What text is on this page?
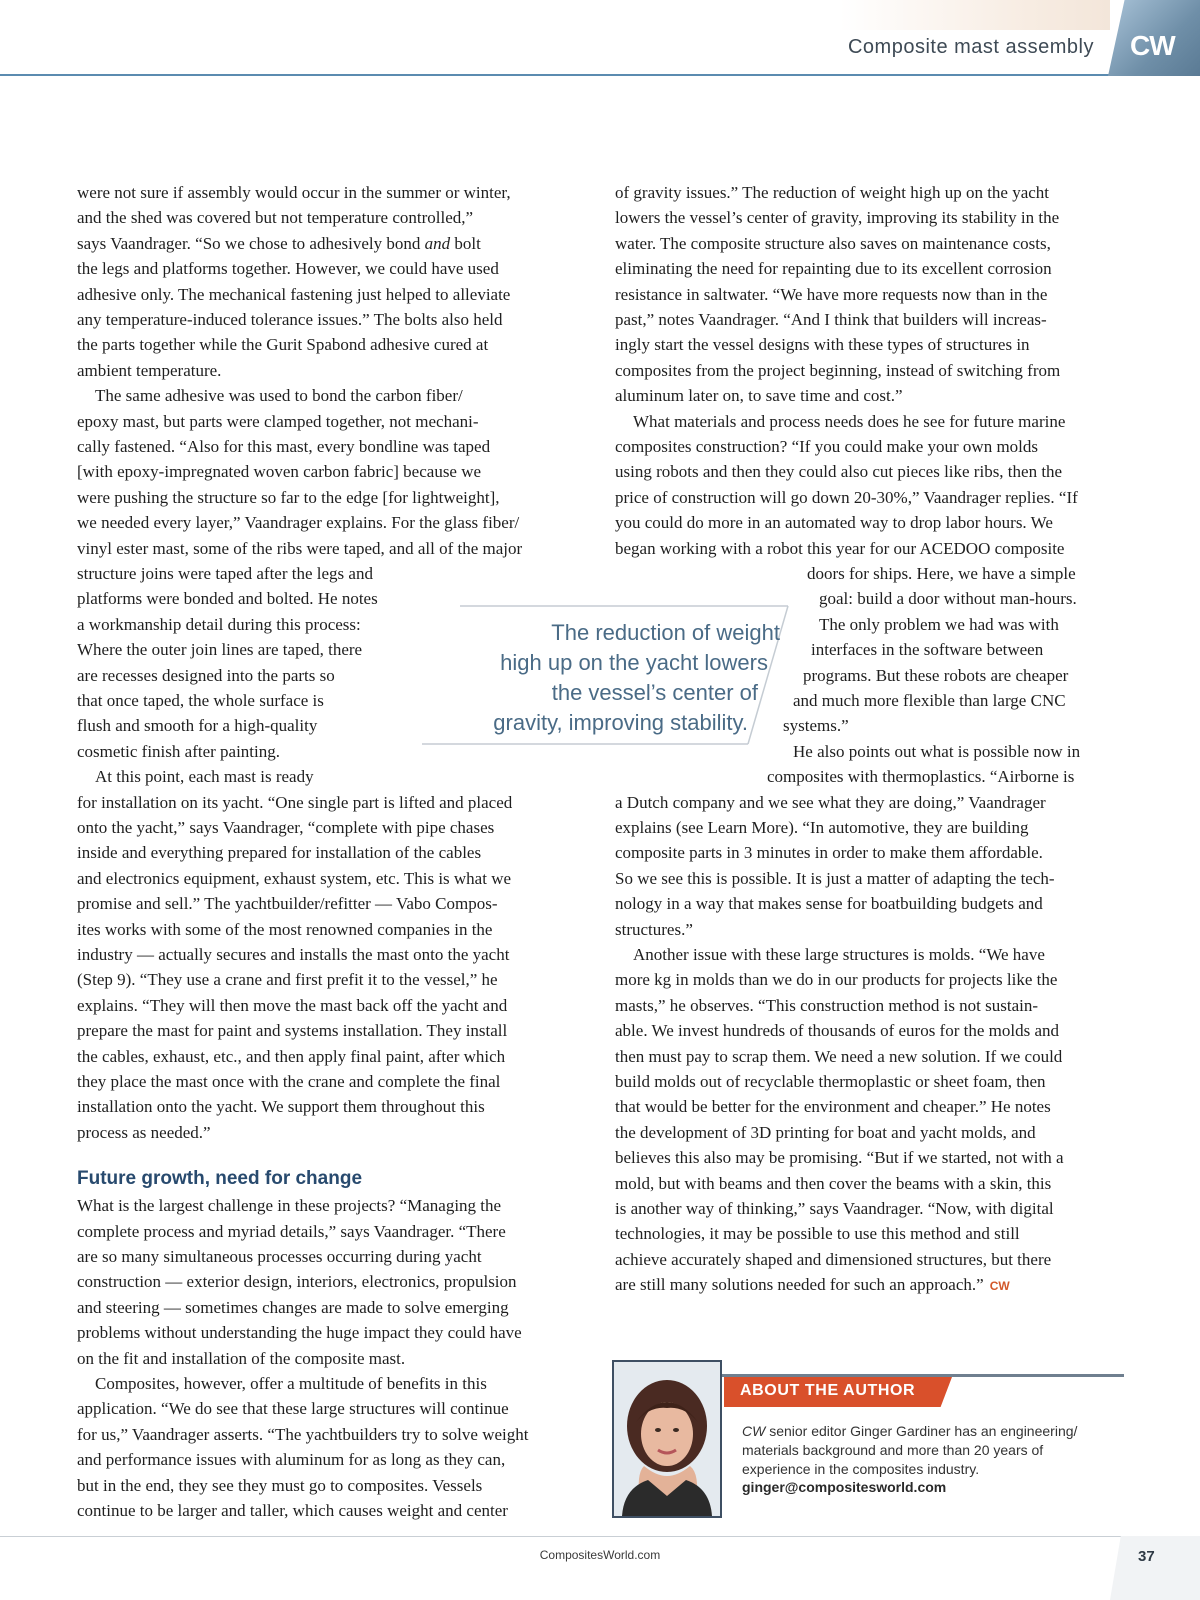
Composite mast assembly CW
were not sure if assembly would occur in the summer or winter,
and the shed was covered but not temperature controlled,”
says Vaandrager. “So we chose to adhesively bond and bolt
the legs and platforms together. However, we could have used
adhesive only. The mechanical fastening just helped to alleviate
any temperature-induced tolerance issues.” The bolts also held
the parts together while the Gurit Spabond adhesive cured at
ambient temperature.
The same adhesive was used to bond the carbon fiber/
epoxy mast, but parts were clamped together, not mechani-
cally fastened. “Also for this mast, every bondline was taped
[with epoxy-impregnated woven carbon fabric] because we
were pushing the structure so far to the edge [for lightweight],
we needed every layer,” Vaandrager explains. For the glass fiber/
vinyl ester mast, some of the ribs were taped, and all of the major
structure joins were taped after the legs and
platforms were bonded and bolted. He notes
a workmanship detail during this process:
Where the outer join lines are taped, there
are recesses designed into the parts so
that once taped, the whole surface is
flush and smooth for a high-quality
cosmetic finish after painting.
At this point, each mast is ready
for installation on its yacht. “One single part is lifted and placed
onto the yacht,” says Vaandrager, “complete with pipe chases
inside and everything prepared for installation of the cables
and electronics equipment, exhaust system, etc. This is what we
promise and sell.” The yachtbuilder/refitter — Vabo Compos-
ites works with some of the most renowned companies in the
industry — actually secures and installs the mast onto the yacht
(Step 9). “They use a crane and first prefit it to the vessel,” he
explains. “They will then move the mast back off the yacht and
prepare the mast for paint and systems installation. They install
the cables, exhaust, etc., and then apply final paint, after which
they place the mast once with the crane and complete the final
installation onto the yacht. We support them throughout this
process as needed.”
Future growth, need for change
What is the largest challenge in these projects? “Managing the
complete process and myriad details,” says Vaandrager. “There
are so many simultaneous processes occurring during yacht
construction — exterior design, interiors, electronics, propulsion
and steering — sometimes changes are made to solve emerging
problems without understanding the huge impact they could have
on the fit and installation of the composite mast.
Composites, however, offer a multitude of benefits in this
application. “We do see that these large structures will continue
for us,” Vaandrager asserts. “The yachtbuilders try to solve weight
and performance issues with aluminum for as long as they can,
but in the end, they see they must go to composites. Vessels
continue to be larger and taller, which causes weight and center
of gravity issues.” The reduction of weight high up on the yacht
lowers the vessel’s center of gravity, improving its stability in the
water. The composite structure also saves on maintenance costs,
eliminating the need for repainting due to its excellent corrosion
resistance in saltwater. “We have more requests now than in the
past,” notes Vaandrager. “And I think that builders will increas-
ingly start the vessel designs with these types of structures in
composites from the project beginning, instead of switching from
aluminum later on, to save time and cost.”
What materials and process needs does he see for future marine
composites construction? “If you could make your own molds
using robots and then they could also cut pieces like ribs, then the
price of construction will go down 20-30%,” Vaandrager replies. “If
you could do more in an automated way to drop labor hours. We
began working with a robot this year for our ACEDOO composite
doors for ships. Here, we have a simple
goal: build a door without man-hours.
The only problem we had was with
interfaces in the software between
programs. But these robots are cheaper
and much more flexible than large CNC
systems.”
He also points out what is possible now in
composites with thermoplastics. “Airborne is
a Dutch company and we see what they are doing,” Vaandrager
explains (see Learn More). “In automotive, they are building
composite parts in 3 minutes in order to make them affordable.
So we see this is possible. It is just a matter of adapting the tech-
nology in a way that makes sense for boatbuilding budgets and
structures.”
Another issue with these large structures is molds. “We have
more kg in molds than we do in our products for projects like the
masts,” he observes. “This construction method is not sustain-
able. We invest hundreds of thousands of euros for the molds and
then must pay to scrap them. We need a new solution. If we could
build molds out of recyclable thermoplastic or sheet foam, then
that would be better for the environment and cheaper.” He notes
the development of 3D printing for boat and yacht molds, and
believes this also may be promising. “But if we started, not with a
mold, but with beams and then cover the beams with a skin, this
is another way of thinking,” says Vaandrager. “Now, with digital
technologies, it may be possible to use this method and still
achieve accurately shaped and dimensioned structures, but there
are still many solutions needed for such an approach.” CW
The reduction of weight
high up on the yacht lowers
the vessel’s center of
gravity, improving stability.
ABOUT THE AUTHOR
CW senior editor Ginger Gardiner has an engineering/ materials background and more than 20 years of experience in the composites industry.
ginger@compositesworld.com
CompositesWorld.com	37
